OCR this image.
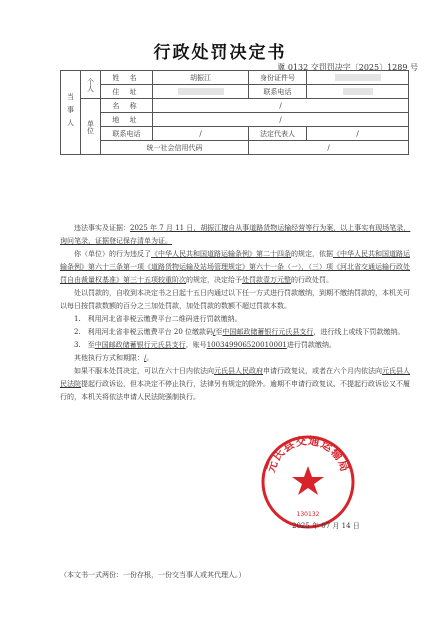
行政处罚决定书
冀 0132 交罚罚决字〔2025〕1289 号
当事人	个人	姓 名	胡振江	身份证件号	
		住 址		联系电话	

	单位	名 称	/		
		地 址	/		
		联系电话	/	法定代表人	/
		统一社会信用代码		/	

违法事实及证据：2025 年 7 月 11 日，胡振江擅自从事道路货物运输经营等行为案，以上事实有现场笔录，询问笔录，证据登记保存清单为证。

你（单位）的行为违反了《中华人民共和国道路运输条例》第二十四条的规定，依据《中华人民共和国道路运输条例》第六十三条第一项《道路货物运输及站场管理规定》第六十一条（一），（三）项《河北省交通运输行政处罚自由裁量权基准》第三十五项较重阶次的规定，决定给予处罚款壹万元整的行政处罚。

处以罚款的，自收到本决定书之日起十五日内通过以下任一方式进行罚款缴纳，到期不缴纳罚款的，本机关可以每日按罚款数额的百分之三加处罚款，加处罚款的数额不超过罚款本数。

1.　利用河北省非税云缴费平台二维码进行罚款缴纳。

2.　利用河北省非税云缴费平台 20 位缴款码/至中国邮政储蓄银行元氏县支行，进行线上或线下罚款缴纳。

3.　至中国邮政储蓄银行元氏县支行，账号100349906520010001进行罚款缴纳。

其他执行方式和期限：/。

如果不服本处罚决定，可以在六十日内依法向元氏县人民政府申请行政复议，或者在六个月内依法向元氏县人民法院提起行政诉讼，但本决定不停止执行，法律另有规定的除外。逾期不申请行政复议、不提起行政诉讼又不履行的，本机关将依法申请人民法院强制执行。

元氏县交通运输局
130132
2025 年 07 月 14 日
（本文书一式两份：一份存根，一份交当事人或其代理人。）
